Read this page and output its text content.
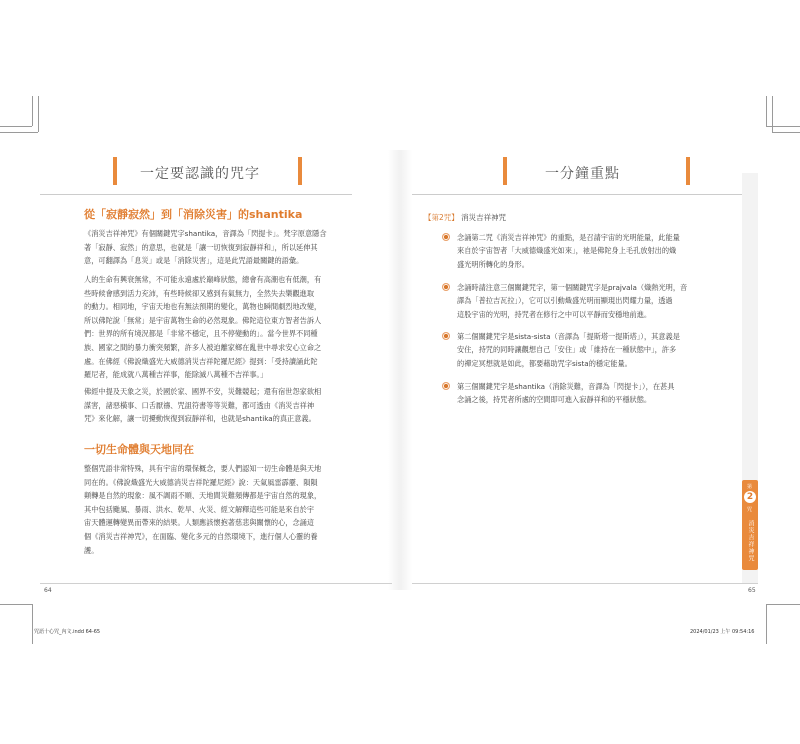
一定要認識的咒字
從「寂靜寂然」到「消除災害」的shantika
《消災吉祥神咒》有個關鍵咒字shantika，音譯為「閃提卡」。梵字原意隱含
著「寂靜、寂然」的意思，也就是「讓一切恢復到寂靜祥和」，所以延伸其
意，可翻譯為「息災」或是「消除災害」，這是此咒語最關鍵的語彙。
人的生命有興衰無常，不可能永遠處於巔峰狀態，總會有高潮也有低潮，有
些時候會感到活力充沛，有些時候卻又感到有氣無力，全然失去樂觀進取
的動力。相同地，宇宙天地也有無法預期的變化，萬物也瞬間劇烈地改變，
所以佛陀說「無常」是宇宙萬物生命的必然現象。佛陀這位東方智者告訴人
們：世界的所有境況都是「非常不穩定，且不停變動的」。當今世界不同種
族、國家之間的暴力衝突頻繁，許多人被迫離家鄉在亂世中尋求安心立命之
處。在佛經《佛說熾盛光大威德消災吉祥陀羅尼經》提到：「受持讀誦此陀
羅尼者，能成就八萬種吉祥事，能除滅八萬種不吉祥事。」
佛經中提及天象之災，於國於家、國界不安，災難競起；還有宿世怨家欲相
謀害，諸惡橫事、口舌厭禱、咒詛符書等等災難，都可透由《消災吉祥神
咒》來化解，讓一切擾動恢復到寂靜祥和，也就是shantika的真正意義。
一切生命體與天地同在
整個咒語非常特殊，具有宇宙的環保概念，要人們認知一切生命體是與天地
同在的。《佛說熾盛光大威德消災吉祥陀羅尼經》說：天氣風雷霹靂、隕隕
顛轉是自然的現象：風不調雨不順、天地間災難頻傳都是宇宙自然的現象，
其中包括颱風、暴雨、洪水、乾旱、火災、經文解釋這些可能是來自於宇
宙天體運轉變異而帶來的結果。人類應該懷抱著慈悲與關懷的心，念誦這
個《消災吉祥神咒》，在面臨、變化多元的自然環境下，進行個人心靈的養
護。
64
一分鐘重點
【第2咒】 消災吉祥神咒
念誦第二咒《消災吉祥神咒》的重點，是召請宇宙的光明能量，此能量
來自於宇宙智者「大威德熾盛光如來」，祂是佛陀身上毛孔放射出的熾
盛光明所轉化的身形。
念誦時請注意三個關鍵咒字，第一個關鍵咒字是prajvala（熾熱光明，音
譯為「普拉吉瓦拉」），它可以引動熾盛光明而顯現出閃耀力量，透過
這股宇宙的光明，持咒者在修行之中可以平靜而安穩地前進。
第二個關鍵咒字是sista-sista（音譯為「提斯塔一提斯塔」），其意義是
安住，持咒的同時讓觀想自己「安住」或「維持在一種狀態中」，許多
的禪定冥想就是如此，都要藉助咒字sista的穩定能量。
第三個關鍵咒字是shantika（消除災難，音譯為「閃提卡」），在甚具
念誦之後，持咒者所處的空間即可進入寂靜祥和的平穩狀態。
第
2
咒
消災吉祥神咒
65
咒語十心咒_內文.indd 64-65	2024/01/23 上午 09:54:16
